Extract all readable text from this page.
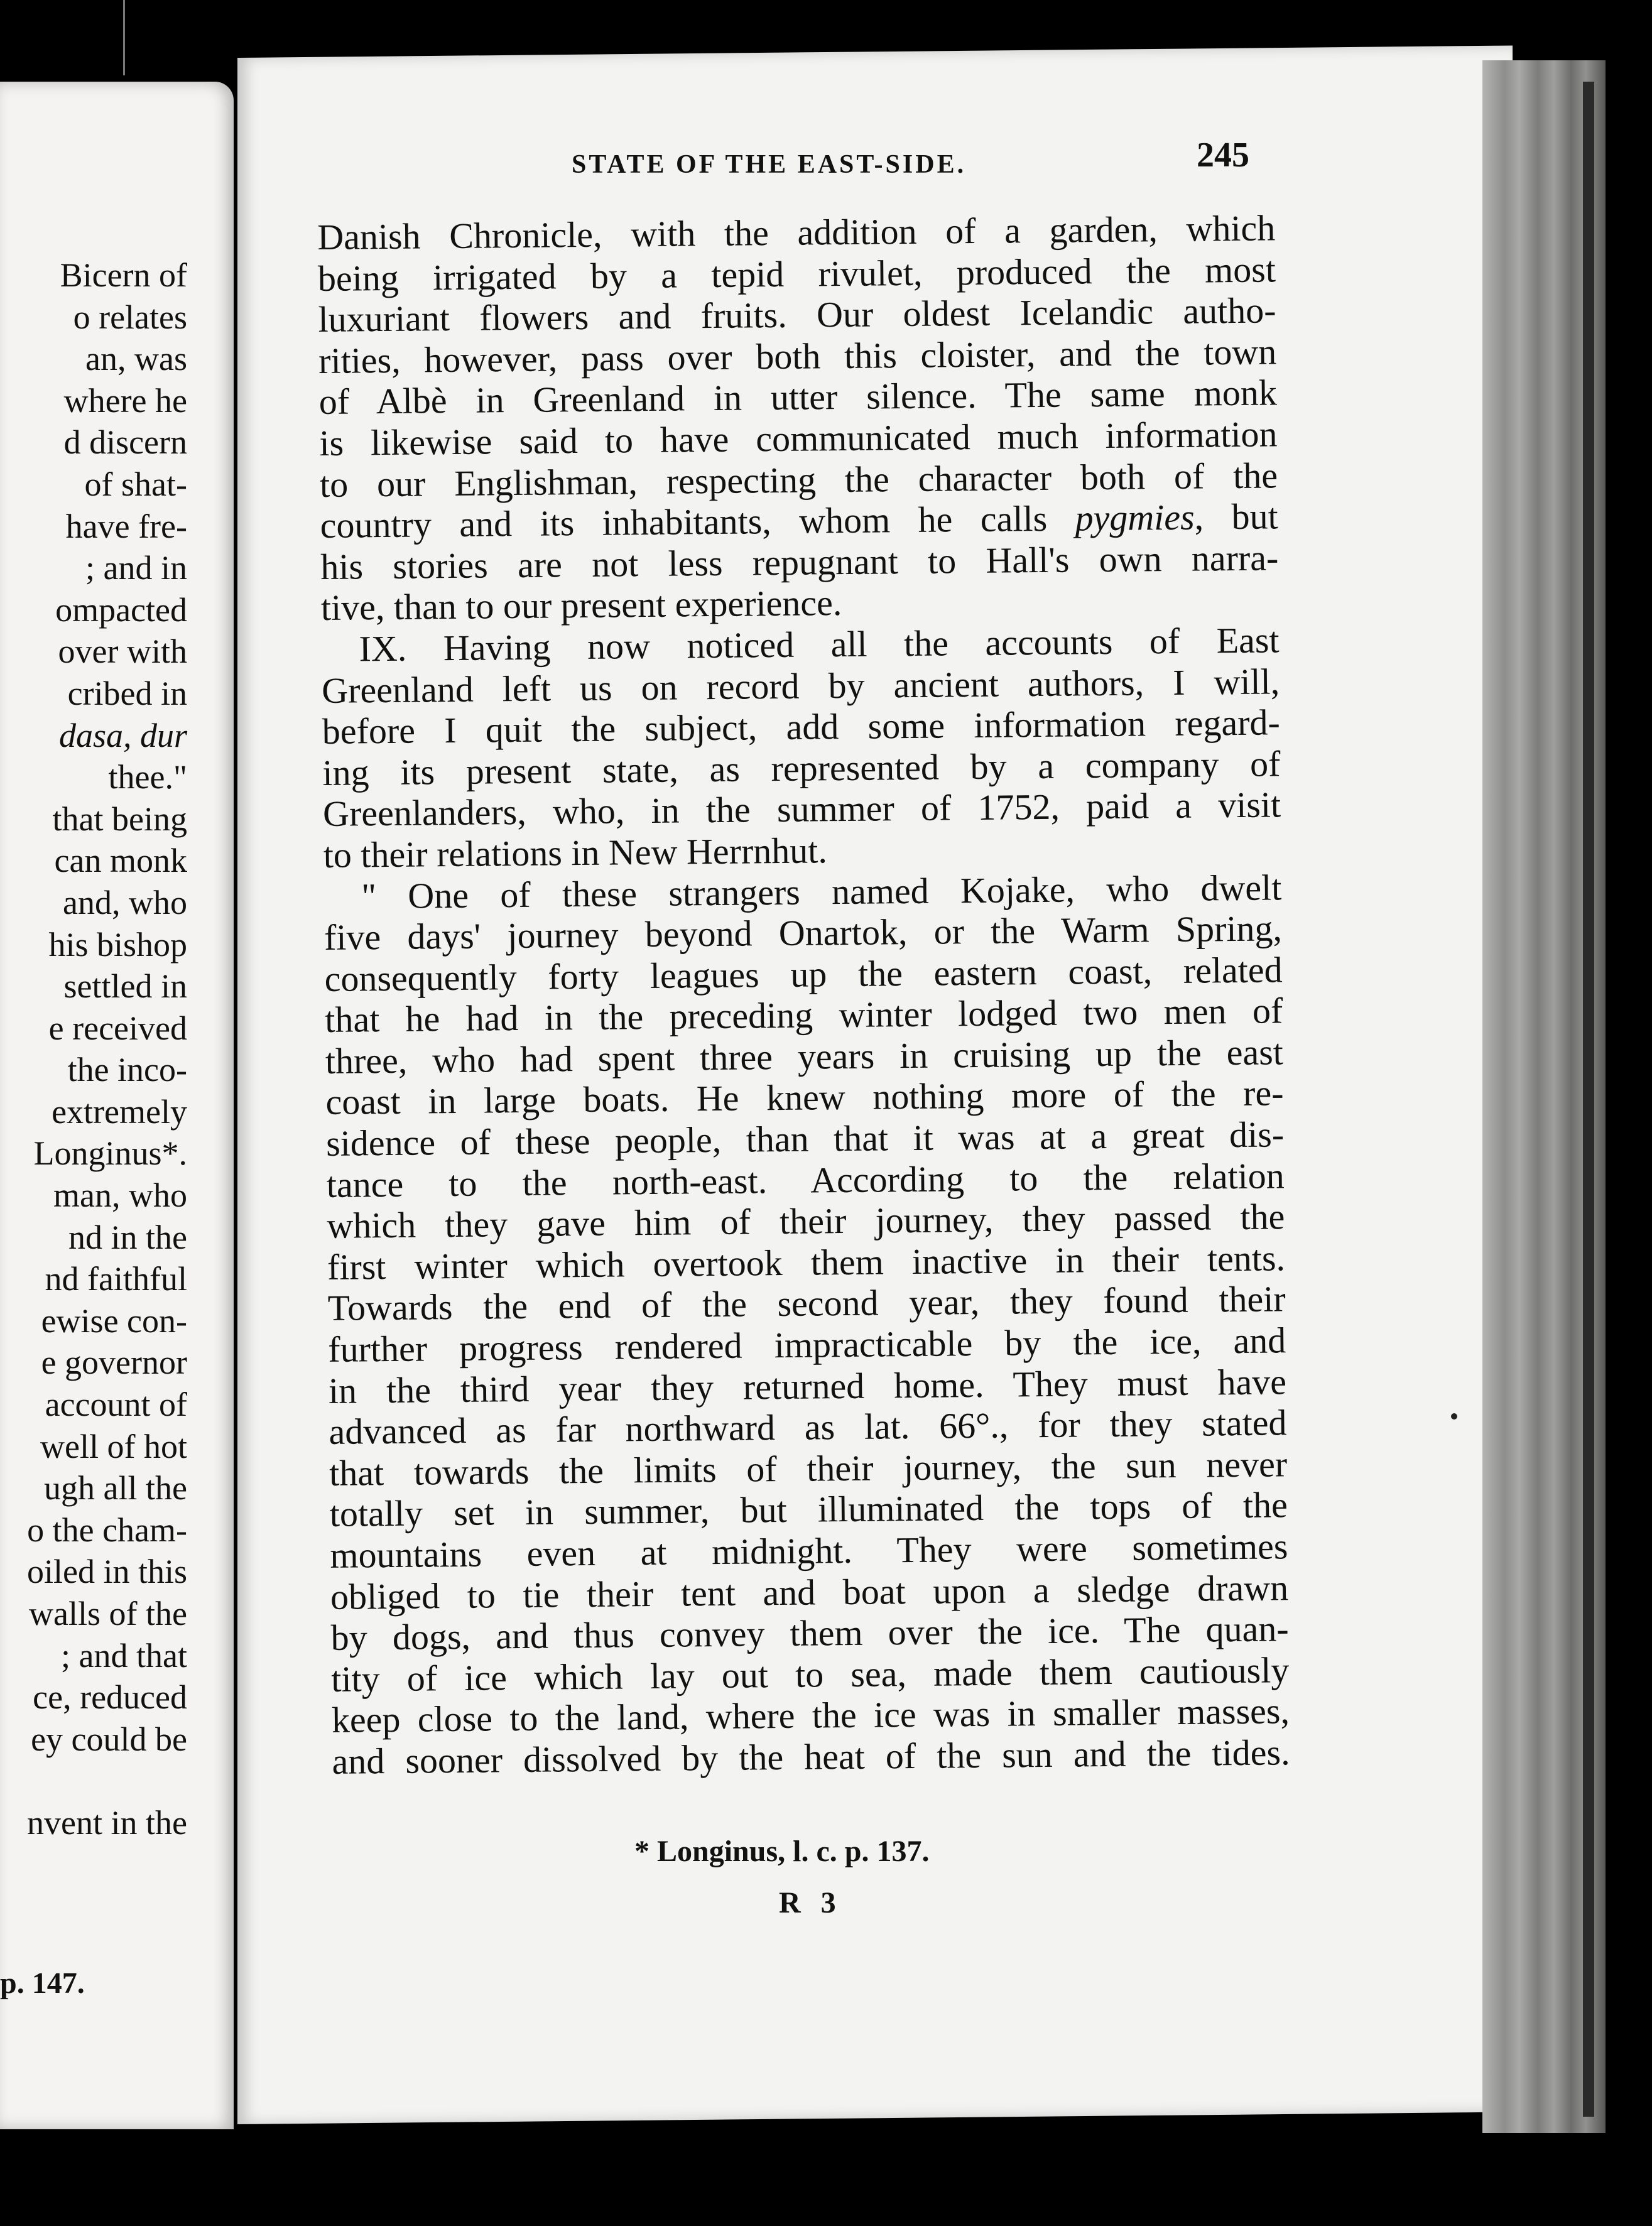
Bicern of
o relates
an, was
where he
d discern
of shat-
have fre-
; and in
ompacted
over with
cribed in
dasa, dur
thee."
that being
can monk
and, who
his bishop
settled in
e received
the inco-
extremely
Longinus*.
man, who
nd in the
nd faithful
ewise con-
e governor
account of
well of hot
ugh all the
o the cham-
oiled in this
walls of the
; and that
ce, reduced
ey could be
nvent in the
p. 147.
STATE OF THE EAST-SIDE.	245
Danish Chronicle, with the addition of a garden, which
being irrigated by a tepid rivulet, produced the most
luxuriant flowers and fruits. Our oldest Icelandic autho-
rities, however, pass over both this cloister, and the town
of Albè in Greenland in utter silence. The same monk
is likewise said to have communicated much information
to our Englishman, respecting the character both of the
country and its inhabitants, whom he calls pygmies, but
his stories are not less repugnant to Hall's own narra-
tive, than to our present experience.
IX. Having now noticed all the accounts of East
Greenland left us on record by ancient authors, I will,
before I quit the subject, add some information regard-
ing its present state, as represented by a company of
Greenlanders, who, in the summer of 1752, paid a visit
to their relations in New Herrnhut.
" One of these strangers named Kojake, who dwelt
five days' journey beyond Onartok, or the Warm Spring,
consequently forty leagues up the eastern coast, related
that he had in the preceding winter lodged two men of
three, who had spent three years in cruising up the east
coast in large boats. He knew nothing more of the re-
sidence of these people, than that it was at a great dis-
tance to the north-east. According to the relation
which they gave him of their journey, they passed the
first winter which overtook them inactive in their tents.
Towards the end of the second year, they found their
further progress rendered impracticable by the ice, and
in the third year they returned home. They must have
advanced as far northward as lat. 66°., for they stated
that towards the limits of their journey, the sun never
totally set in summer, but illuminated the tops of the
mountains even at midnight. They were sometimes
obliged to tie their tent and boat upon a sledge drawn
by dogs, and thus convey them over the ice. The quan-
tity of ice which lay out to sea, made them cautiously
keep close to the land, where the ice was in smaller masses,
and sooner dissolved by the heat of the sun and the tides.
* Longinus, l. c. p. 137.
R 3
